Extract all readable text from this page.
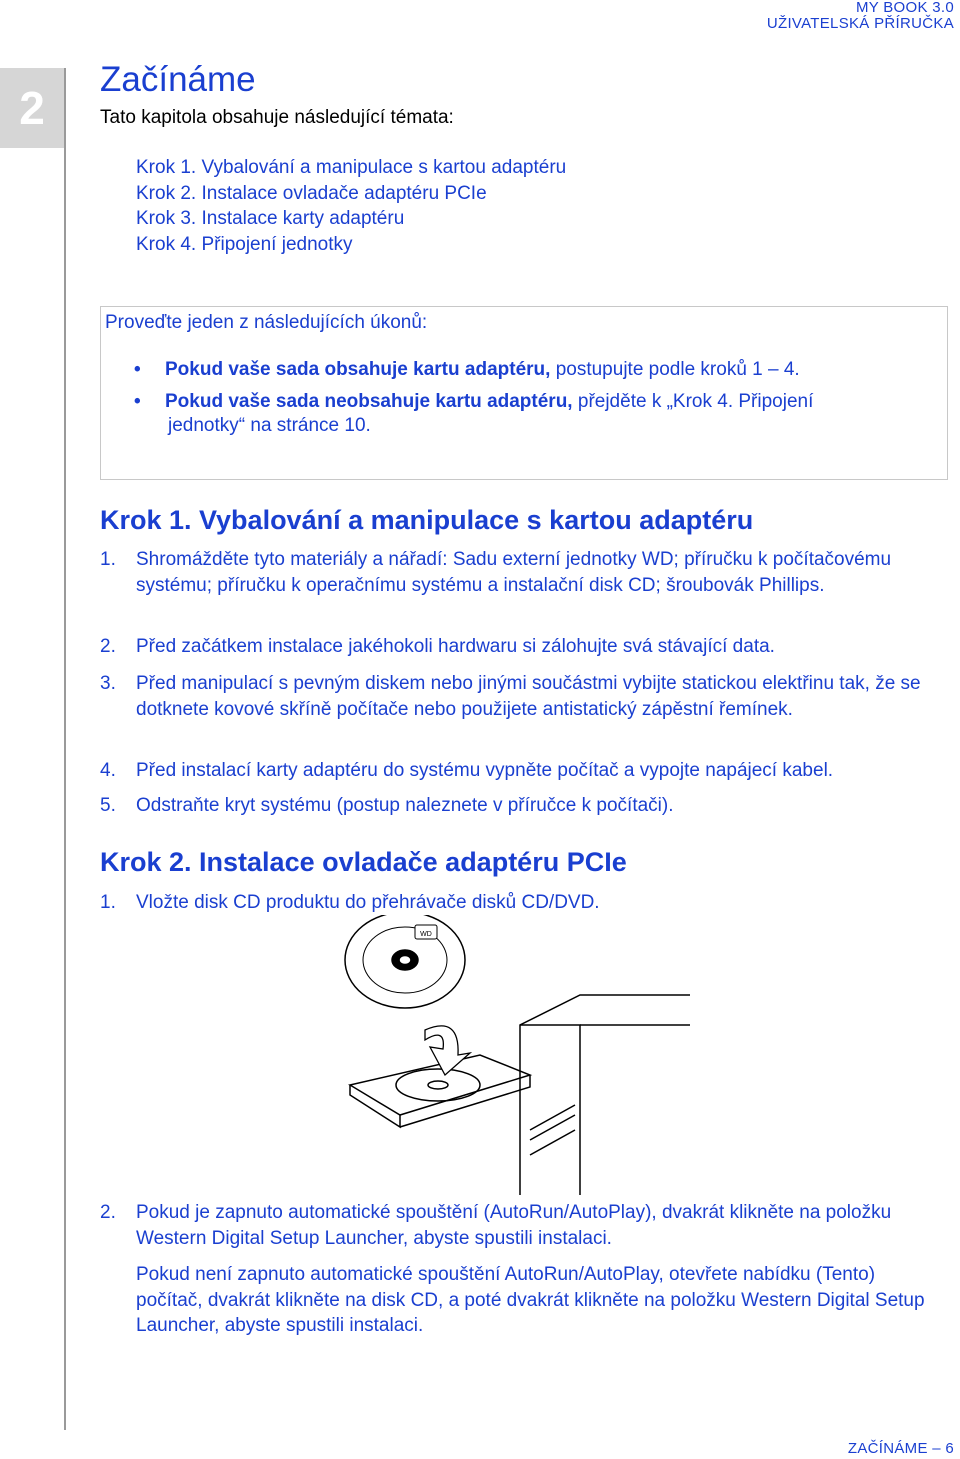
MY BOOK 3.0
UŽIVATELSKÁ PŘÍRUČKA
2
Začínáme
Tato kapitola obsahuje následující témata:
Krok 1. Vybalování a manipulace s kartou adaptéru
Krok 2. Instalace ovladače adaptéru PCIe
Krok 3. Instalace karty adaptéru
Krok 4. Připojení jednotky
Proveďte jeden z následujících úkonů:
• Pokud vaše sada obsahuje kartu adaptéru, postupujte podle kroků 1 – 4.
• Pokud vaše sada neobsahuje kartu adaptéru, přejděte k „Krok 4. Připojení
jednotky“ na stránce 10.
Krok 1. Vybalování a manipulace s kartou adaptéru
1. Shromážděte tyto materiály a nářadí: Sadu externí jednotky WD; příručku k počítačovému systému; příručku k operačnímu systému a instalační disk CD; šroubovák Phillips.
2. Před začátkem instalace jakéhokoli hardwaru si zálohujte svá stávající data.
3. Před manipulací s pevným diskem nebo jinými součástmi vybijte statickou elektřinu tak, že se dotknete kovové skříně počítače nebo použijete antistatický zápěstní řemínek.
4. Před instalací karty adaptéru do systému vypněte počítač a vypojte napájecí kabel.
5. Odstraňte kryt systému (postup naleznete v příručce k počítači).
Krok 2. Instalace ovladače adaptéru PCIe
1. Vložte disk CD produktu do přehrávače disků CD/DVD.
WD
2. Pokud je zapnuto automatické spouštění (AutoRun/AutoPlay), dvakrát klikněte na položku Western Digital Setup Launcher, abyste spustili instalaci.
Pokud není zapnuto automatické spouštění AutoRun/AutoPlay, otevřete nabídku (Tento) počítač, dvakrát klikněte na disk CD, a poté dvakrát klikněte na položku Western Digital Setup Launcher, abyste spustili instalaci.
ZAČÍNÁME – 6
